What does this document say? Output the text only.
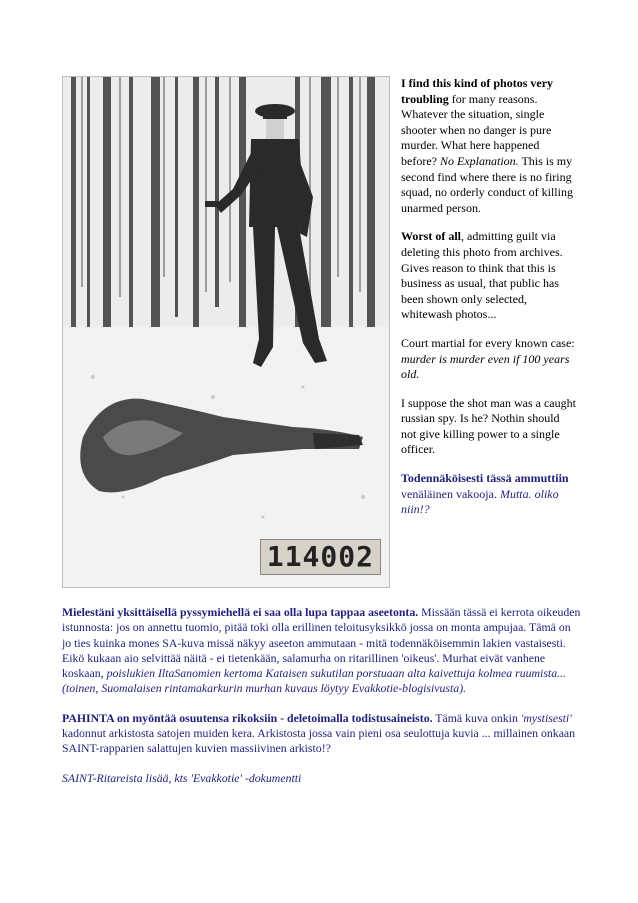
114002

I find this kind of photos very troubling for many reasons. Whatever the situation, single shooter when no danger is pure murder. What here happened before? No Explanation. This is my second find where there is no firing squad, no orderly conduct of killing unarmed person.

Worst of all, admitting guilt via deleting this photo from archives. Gives reason to think that this is business as usual, that public has been shown only selected, whitewash photos...

Court martial for every known case: murder is murder even if 100 years old.

I suppose the shot man was a caught russian spy. Is he? Nothin should not give killing power to a single officer.

Todennäköisesti tässä ammuttiin venäläinen vakooja. Mutta. oliko niin!?

Mielestäni yksittäisellä pyssymiehellä ei saa olla lupa tappaa aseetonta. Missään tässä ei kerrota oikeuden istunnosta: jos on annettu tuomio, pitää toki olla erillinen teloitusyksikkö jossa on monta ampujaa. Tämä on jo ties kuinka mones SA-kuva missä näkyy aseeton ammutaan - mitä todennäköisemmin lakien vastaisesti. Eikö kukaan aio selvittää näitä - ei tietenkään, salamurha on ritarillinen 'oikeus'. Murhat eivät vanhene koskaan, poislukien IltaSanomien kertoma Kataisen sukutilan porstuaan alta kaivettuja kolmea ruumista... (toinen, Suomalaisen rintamakarkurin murhan kuvaus löytyy Evakkotie-blogisivusta).

PAHINTA on myöntää osuutensa rikoksiin - deletoimalla todistusaineisto. Tämä kuva onkin 'mystisesti' kadonnut arkistosta satojen muiden kera. Arkistosta jossa vain pieni osa seulottuja kuvia ... millainen onkaan SAINT-rapparien salattujen kuvien massiivinen arkisto!?

SAINT-Ritareista lisää, kts 'Evakkotie' -dokumentti
